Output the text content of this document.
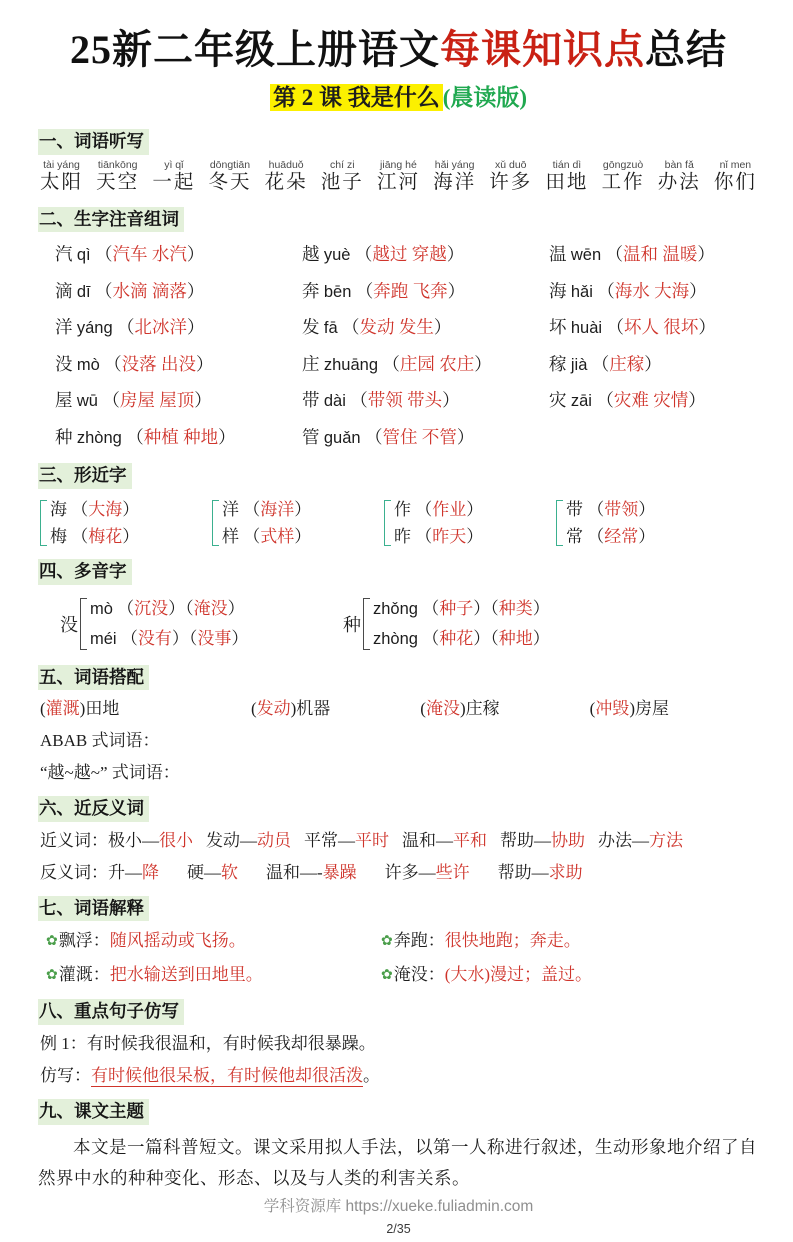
25新二年级上册语文每课知识点总结
第 2 课 我是什么 (晨读版)
一、词语听写
tài yáng
太阳
tiānkōng
天空
yì qǐ
一起
dōngtiān
冬天
huāduǒ
花朵
chí zi
池子
jiāng hé
江河
hǎi yáng
海洋
xǔ duō
许多
tián dì
田地
gōngzuò
工作
bàn fǎ
办法
nǐ men
你们
二、生字注音组词
汽 qì （汽车 水汽）	越 yuè （越过 穿越）	温 wēn （温和 温暖）
滴 dī （水滴 滴落）	奔 bēn （奔跑 飞奔）	海 hǎi （海水 大海）
洋 yáng （北冰洋）	发 fā （发动 发生）	坏 huài （坏人 很坏）
没 mò （没落 出没）	庄 zhuāng （庄园 农庄）	稼 jià （庄稼）
屋 wū （房屋 屋顶）	带 dài （带领 带头）	灾 zāi （灾难 灾情）
种 zhòng （种植 种地）	管 guǎn （管住 不管）
三、形近字
海 （大海）
梅 （梅花）
洋 （海洋）
样 （式样）
作 （作业）
昨 （昨天）
带 （带领）
常 （经常）
四、多音字
没
mò （沉没）（淹没）
méi （没有）（没事）
种
zhǒng （种子）（种类）
zhòng （种花）（种地）
五、词语搭配
(灌溉)田地	(发动)机器	(淹没)庄稼	(冲毁)房屋
ABAB 式词语：
“越~越~” 式词语：
六、近反义词
近义词：极小—很小 发动—动员 平常—平时 温和—平和 帮助—协助 办法—方法
反义词：升—降 硬—软 温和—-暴躁 许多—些许 帮助—求助
七、词语解释
✿飘浮：随风摇动或飞扬。	✿奔跑：很快地跑；奔走。
✿灌溉：把水输送到田地里。	✿淹没：(大水)漫过；盖过。
八、重点句子仿写
例 1：有时候我很温和，有时候我却很暴躁。
仿写：有时候他很呆板，有时候他却很活泼。
九、课文主题

本文是一篇科普短文。课文采用拟人手法，以第一人称进行叙述，生动形象地介绍了自然界中水的种种变化、形态、以及与人类的利害关系。

学科资源库 https://xueke.fuliadmin.com
2/35
